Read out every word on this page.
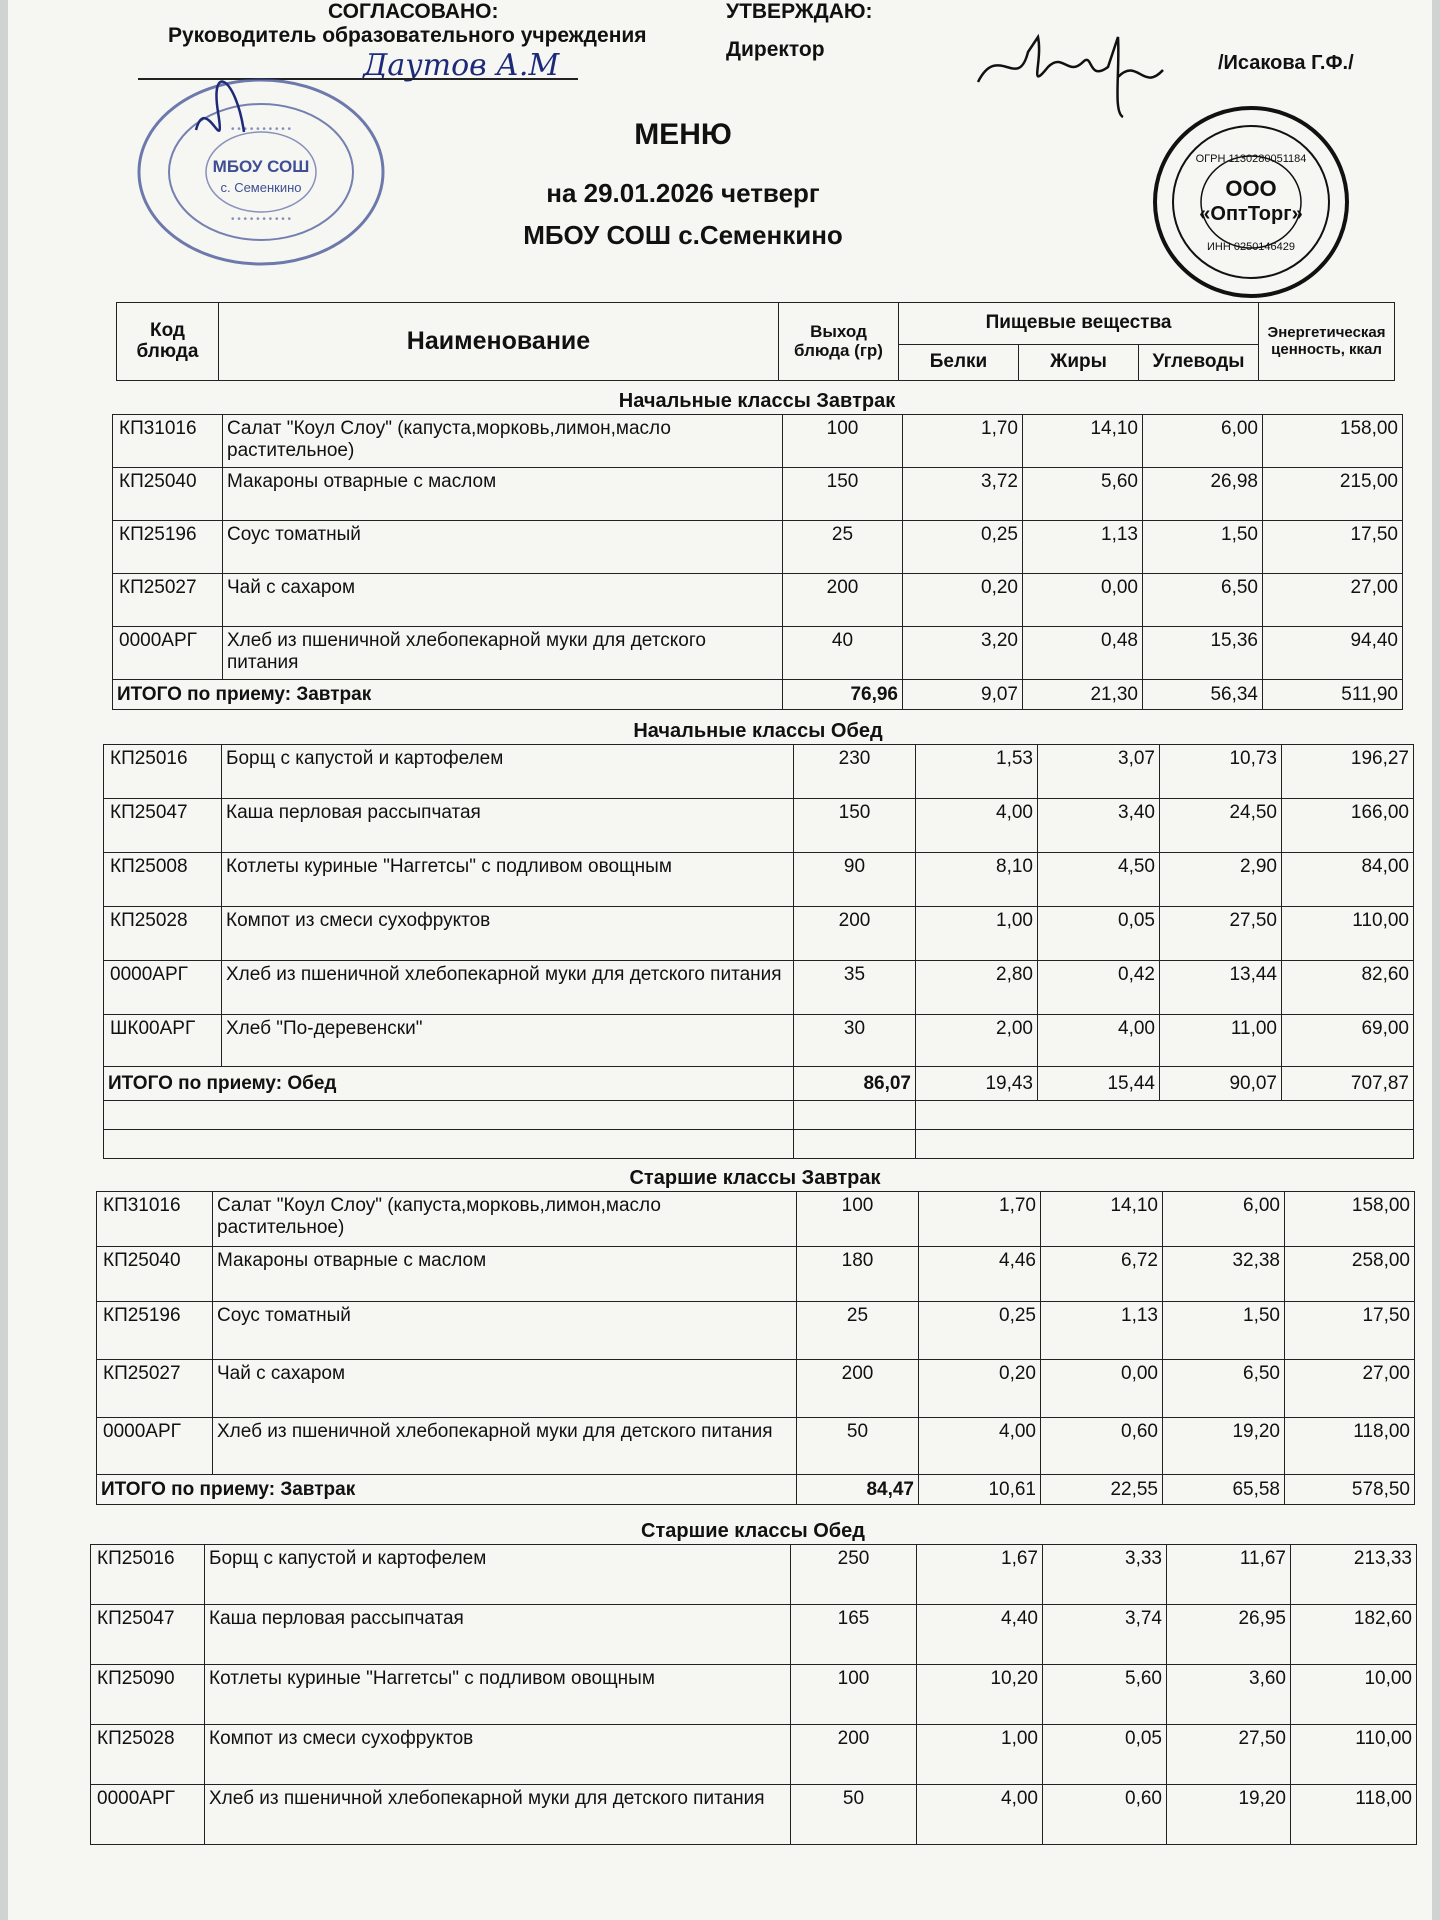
СОГЛАСОВАНО:
Руководитель образовательного учреждения
Даутов А.М
• • • • • • • • • •
• • • • • • • • • •
МБОУ СОШ
с. Семенкино
УТВЕРЖДАЮ:
Директор
/Исакова Г.Ф./
ОГРН 1130280051184
ООО
«ОптТорг»
ИНН 0250146429
МЕНЮ
на 29.01.2026 четверг
МБОУ СОШ с.Семенкино
Код блюда	Наименование	Выход блюда (гр)	Пищевые вещества			Энергетическая ценность, ккал
			Белки	Жиры	Углеводы	
Начальные классы Завтрак
КП31016	Салат "Коул Слоу" (капуста,морковь,лимон,масло растительное)	100	1,70	14,10	6,00	158,00
КП25040	Макароны отварные с маслом	150	3,72	5,60	26,98	215,00
КП25196	Соус томатный	25	0,25	1,13	1,50	17,50
КП25027	Чай с сахаром	200	0,20	0,00	6,50	27,00
0000АРГ	Хлеб из пшеничной хлебопекарной муки для детского питания	40	3,20	0,48	15,36	94,40
ИТОГО по приему: Завтрак		76,96	9,07	21,30	56,34	511,90
Начальные классы Обед
КП25016	Борщ с капустой и картофелем	230	1,53	3,07	10,73	196,27
КП25047	Каша перловая рассыпчатая	150	4,00	3,40	24,50	166,00
КП25008	Котлеты куриные "Наггетсы" с подливом овощным	90	8,10	4,50	2,90	84,00
КП25028	Компот из смеси сухофруктов	200	1,00	0,05	27,50	110,00
0000АРГ	Хлеб из пшеничной хлебопекарной муки для детского питания	35	2,80	0,42	13,44	82,60
ШК00АРГ	Хлеб "По-деревенски"	30	2,00	4,00	11,00	69,00
ИТОГО по приему: Обед		86,07	19,43	15,44	90,07	707,87

Старшие классы Завтрак
КП31016	Салат "Коул Слоу" (капуста,морковь,лимон,масло растительное)	100	1,70	14,10	6,00	158,00
КП25040	Макароны отварные с маслом	180	4,46	6,72	32,38	258,00
КП25196	Соус томатный	25	0,25	1,13	1,50	17,50
КП25027	Чай с сахаром	200	0,20	0,00	6,50	27,00
0000АРГ	Хлеб из пшеничной хлебопекарной муки для детского питания	50	4,00	0,60	19,20	118,00
ИТОГО по приему: Завтрак		84,47	10,61	22,55	65,58	578,50
Старшие классы Обед
КП25016	Борщ с капустой и картофелем	250	1,67	3,33	11,67	213,33
КП25047	Каша перловая рассыпчатая	165	4,40	3,74	26,95	182,60
КП25090	Котлеты куриные "Наггетсы" с подливом овощным	100	10,20	5,60	3,60	10,00
КП25028	Компот из смеси сухофруктов	200	1,00	0,05	27,50	110,00
0000АРГ	Хлеб из пшеничной хлебопекарной муки для детского питания	50	4,00	0,60	19,20	118,00
